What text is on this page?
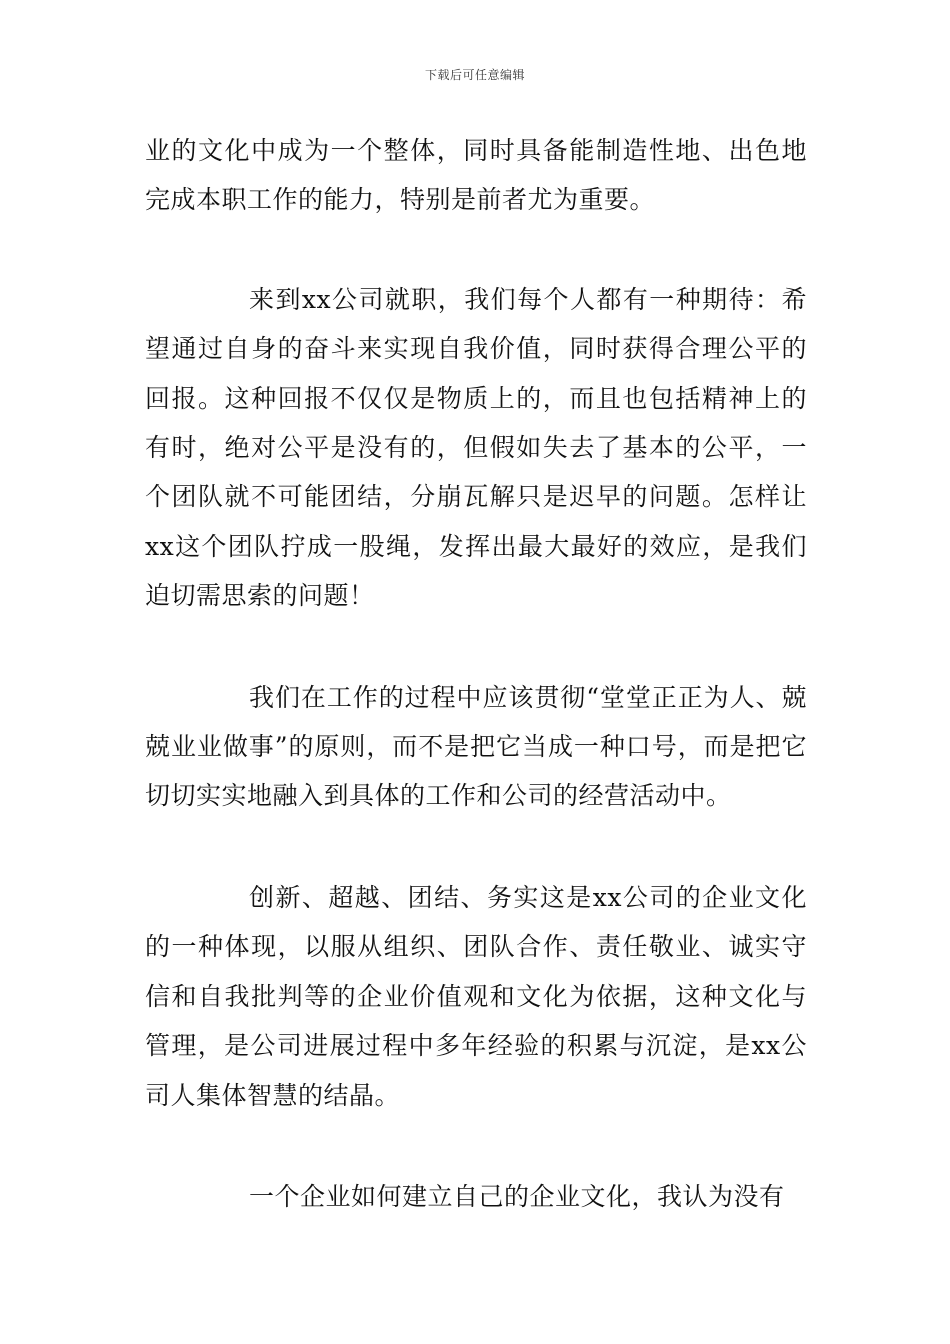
下载后可任意编辑

业的文化中成为一个整体，同时具备能制造性地、出色地完成本职工作的能力，特别是前者尤为重要。

来到xx公司就职，我们每个人都有一种期待：希望通过自身的奋斗来实现自我价值，同时获得合理公平的回报。这种回报不仅仅是物质上的，而且也包括精神上的有时，绝对公平是没有的，但假如失去了基本的公平，一个团队就不可能团结，分崩瓦解只是迟早的问题。怎样让xx这个团队拧成一股绳，发挥出最大最好的效应，是我们迫切需思索的问题！

我们在工作的过程中应该贯彻“堂堂正正为人、兢兢业业做事”的原则，而不是把它当成一种口号，而是把它切切实实地融入到具体的工作和公司的经营活动中。

创新、超越、团结、务实这是xx公司的企业文化的一种体现，以服从组织、团队合作、责任敬业、诚实守信和自我批判等的企业价值观和文化为依据，这种文化与管理，是公司进展过程中多年经验的积累与沉淀，是xx公司人集体智慧的结晶。

一个企业如何建立自己的企业文化，我认为没有
